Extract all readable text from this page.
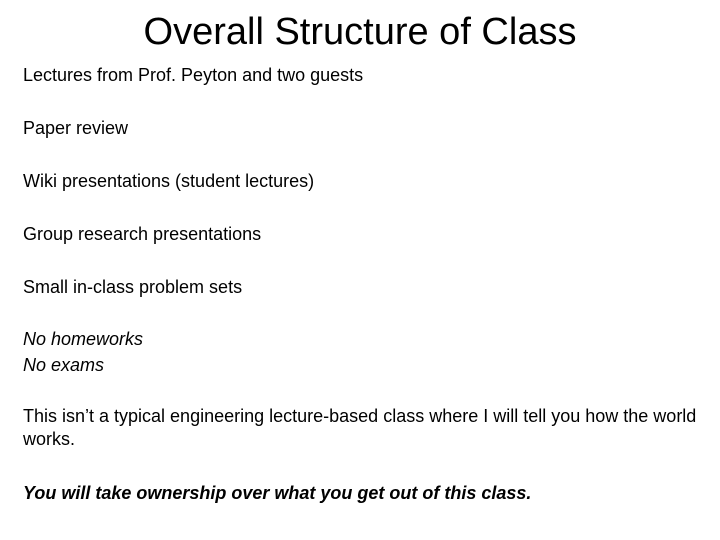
Overall Structure of Class

Lectures from Prof. Peyton and two guests

Paper review

Wiki presentations (student lectures)

Group research presentations

Small in-class problem sets

No homeworks

No exams

This isn’t a typical engineering lecture-based class where I will tell you how the world works.

You will take ownership over what you get out of this class.
